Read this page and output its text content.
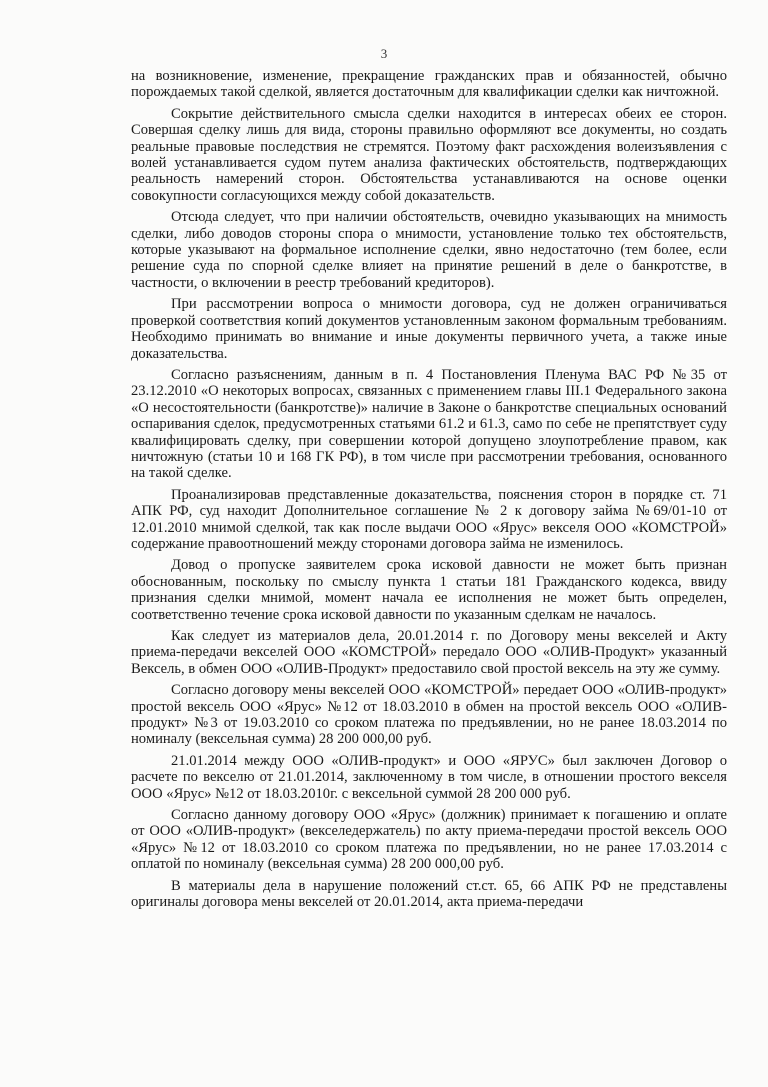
3

на возникновение, изменение, прекращение гражданских прав и обязанностей, обычно порождаемых такой сделкой, является достаточным для квалификации сделки как ничтожной.

Сокрытие действительного смысла сделки находится в интересах обеих ее сторон. Совершая сделку лишь для вида, стороны правильно оформляют все документы, но создать реальные правовые последствия не стремятся. Поэтому факт расхождения волеизъявления с волей устанавливается судом путем анализа фактических обстоятельств, подтверждающих реальность намерений сторон. Обстоятельства устанавливаются на основе оценки совокупности согласующихся между собой доказательств.

Отсюда следует, что при наличии обстоятельств, очевидно указывающих на мнимость сделки, либо доводов стороны спора о мнимости, установление только тех обстоятельств, которые указывают на формальное исполнение сделки, явно недостаточно (тем более, если решение суда по спорной сделке влияет на принятие решений в деле о банкротстве, в частности, о включении в реестр требований кредиторов).

При рассмотрении вопроса о мнимости договора, суд не должен ограничиваться проверкой соответствия копий документов установленным законом формальным требованиям. Необходимо принимать во внимание и иные документы первичного учета, а также иные доказательства.

Согласно разъяснениям, данным в п. 4 Постановления Пленума ВАС РФ №35 от 23.12.2010 «О некоторых вопросах, связанных с применением главы III.1 Федерального закона «О несостоятельности (банкротстве)» наличие в Законе о банкротстве специальных оснований оспаривания сделок, предусмотренных статьями 61.2 и 61.3, само по себе не препятствует суду квалифицировать сделку, при совершении которой допущено злоупотребление правом, как ничтожную (статьи 10 и 168 ГК РФ), в том числе при рассмотрении требования, основанного на такой сделке.

Проанализировав представленные доказательства, пояснения сторон в порядке ст. 71 АПК РФ, суд находит Дополнительное соглашение № 2 к договору займа №69/01-10 от 12.01.2010 мнимой сделкой, так как после выдачи ООО «Ярус» векселя ООО «КОМСТРОЙ» содержание правоотношений между сторонами договора займа не изменилось.

Довод о пропуске заявителем срока исковой давности не может быть признан обоснованным, поскольку по смыслу пункта 1 статьи 181 Гражданского кодекса, ввиду признания сделки мнимой, момент начала ее исполнения не может быть определен, соответственно течение срока исковой давности по указанным сделкам не началось.

Как следует из материалов дела, 20.01.2014 г. по Договору мены векселей и Акту приема-передачи векселей ООО «КОМСТРОЙ» передало ООО «ОЛИВ-Продукт» указанный Вексель, в обмен ООО «ОЛИВ-Продукт» предоставило свой простой вексель на эту же сумму.

Согласно договору мены векселей ООО «КОМСТРОЙ» передает ООО «ОЛИВ-продукт» простой вексель ООО «Ярус» №12 от 18.03.2010 в обмен на простой вексель ООО «ОЛИВ-продукт» №3 от 19.03.2010 со сроком платежа по предъявлении, но не ранее 18.03.2014 по номиналу (вексельная сумма) 28 200 000,00 руб.

21.01.2014 между ООО «ОЛИВ-продукт» и ООО «ЯРУС» был заключен Договор о расчете по векселю от 21.01.2014, заключенному в том числе, в отношении простого векселя ООО «Ярус» №12 от 18.03.2010г. с вексельной суммой 28 200 000 руб.

Согласно данному договору ООО «Ярус» (должник) принимает к погашению и оплате от ООО «ОЛИВ-продукт» (векселедержатель) по акту приема-передачи простой вексель ООО «Ярус» №12 от 18.03.2010 со сроком платежа по предъявлении, но не ранее 17.03.2014 с оплатой по номиналу (вексельная сумма) 28 200 000,00 руб.

В материалы дела в нарушение положений ст.ст. 65, 66 АПК РФ не представлены оригиналы договора мены векселей от 20.01.2014, акта приема-передачи
